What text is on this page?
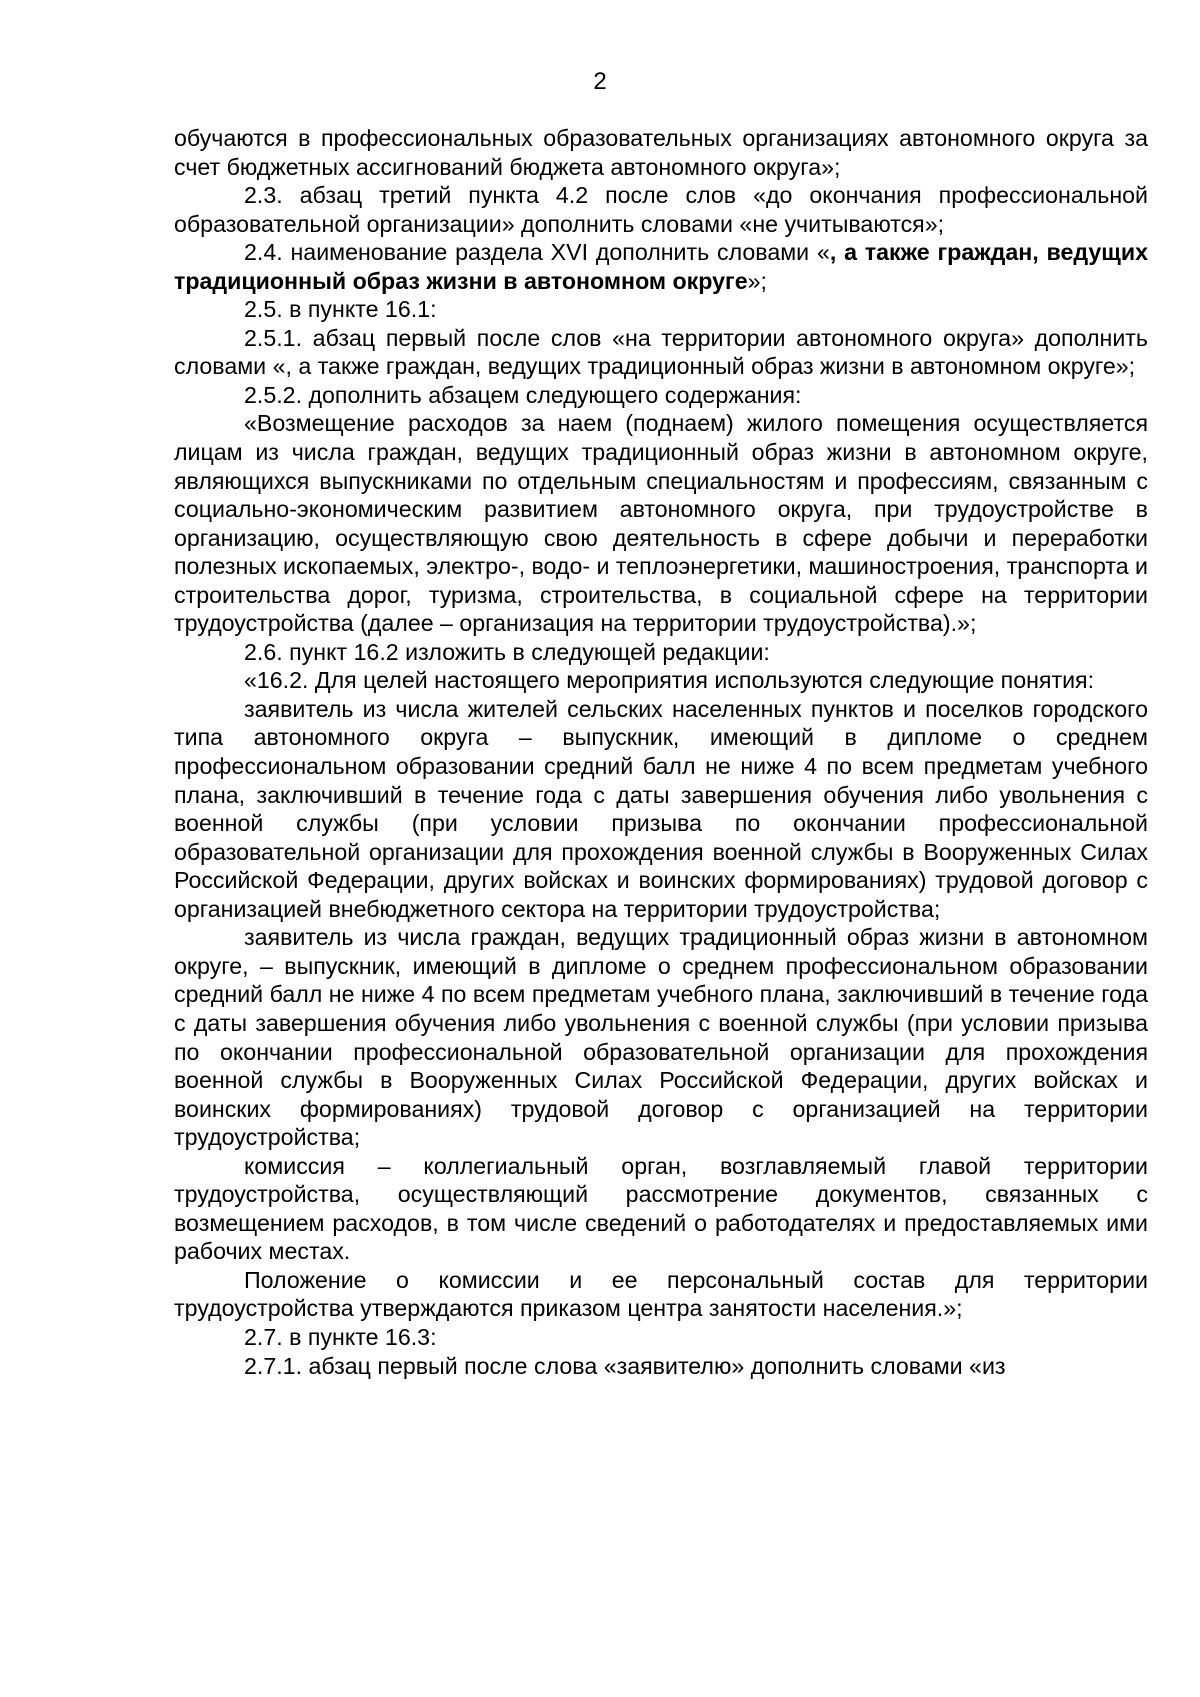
2

обучаются в профессиональных образовательных организациях автономного округа за счет бюджетных ассигнований бюджета автономного округа»;

2.3. абзац третий пункта 4.2 после слов «до окончания профессиональной образовательной организации» дополнить словами «не учитываются»;

2.4. наименование раздела XVI дополнить словами «, а также граждан, ведущих традиционный образ жизни в автономном округе»;

2.5. в пункте 16.1:

2.5.1. абзац первый после слов «на территории автономного округа» дополнить словами «, а также граждан, ведущих традиционный образ жизни в автономном округе»;

2.5.2. дополнить абзацем следующего содержания:

«Возмещение расходов за наем (поднаем) жилого помещения осуществляется лицам из числа граждан, ведущих традиционный образ жизни в автономном округе, являющихся выпускниками по отдельным специальностям и профессиям, связанным с социально-экономическим развитием автономного округа, при трудоустройстве в организацию, осуществляющую свою деятельность в сфере добычи и переработки полезных ископаемых, электро-, водо- и теплоэнергетики, машиностроения, транспорта и строительства дорог, туризма, строительства, в социальной сфере на территории трудоустройства (далее – организация на территории трудоустройства).»;

2.6. пункт 16.2 изложить в следующей редакции:

«16.2. Для целей настоящего мероприятия используются следующие понятия:

заявитель из числа жителей сельских населенных пунктов и поселков городского типа автономного округа – выпускник, имеющий в дипломе о среднем профессиональном образовании средний балл не ниже 4 по всем предметам учебного плана, заключивший в течение года с даты завершения обучения либо увольнения с военной службы (при условии призыва по окончании профессиональной образовательной организации для прохождения военной службы в Вооруженных Силах Российской Федерации, других войсках и воинских формированиях) трудовой договор с организацией внебюджетного сектора на территории трудоустройства;

заявитель из числа граждан, ведущих традиционный образ жизни в автономном округе, – выпускник, имеющий в дипломе о среднем профессиональном образовании средний балл не ниже 4 по всем предметам учебного плана, заключивший в течение года с даты завершения обучения либо увольнения с военной службы (при условии призыва по окончании профессиональной образовательной организации для прохождения военной службы в Вооруженных Силах Российской Федерации, других войсках и воинских формированиях) трудовой договор с организацией на территории трудоустройства;

комиссия – коллегиальный орган, возглавляемый главой территории трудоустройства, осуществляющий рассмотрение документов, связанных с возмещением расходов, в том числе сведений о работодателях и предоставляемых ими рабочих местах.

Положение о комиссии и ее персональный состав для территории трудоустройства утверждаются приказом центра занятости населения.»;

2.7. в пункте 16.3:

2.7.1. абзац первый после слова «заявителю» дополнить словами «из
